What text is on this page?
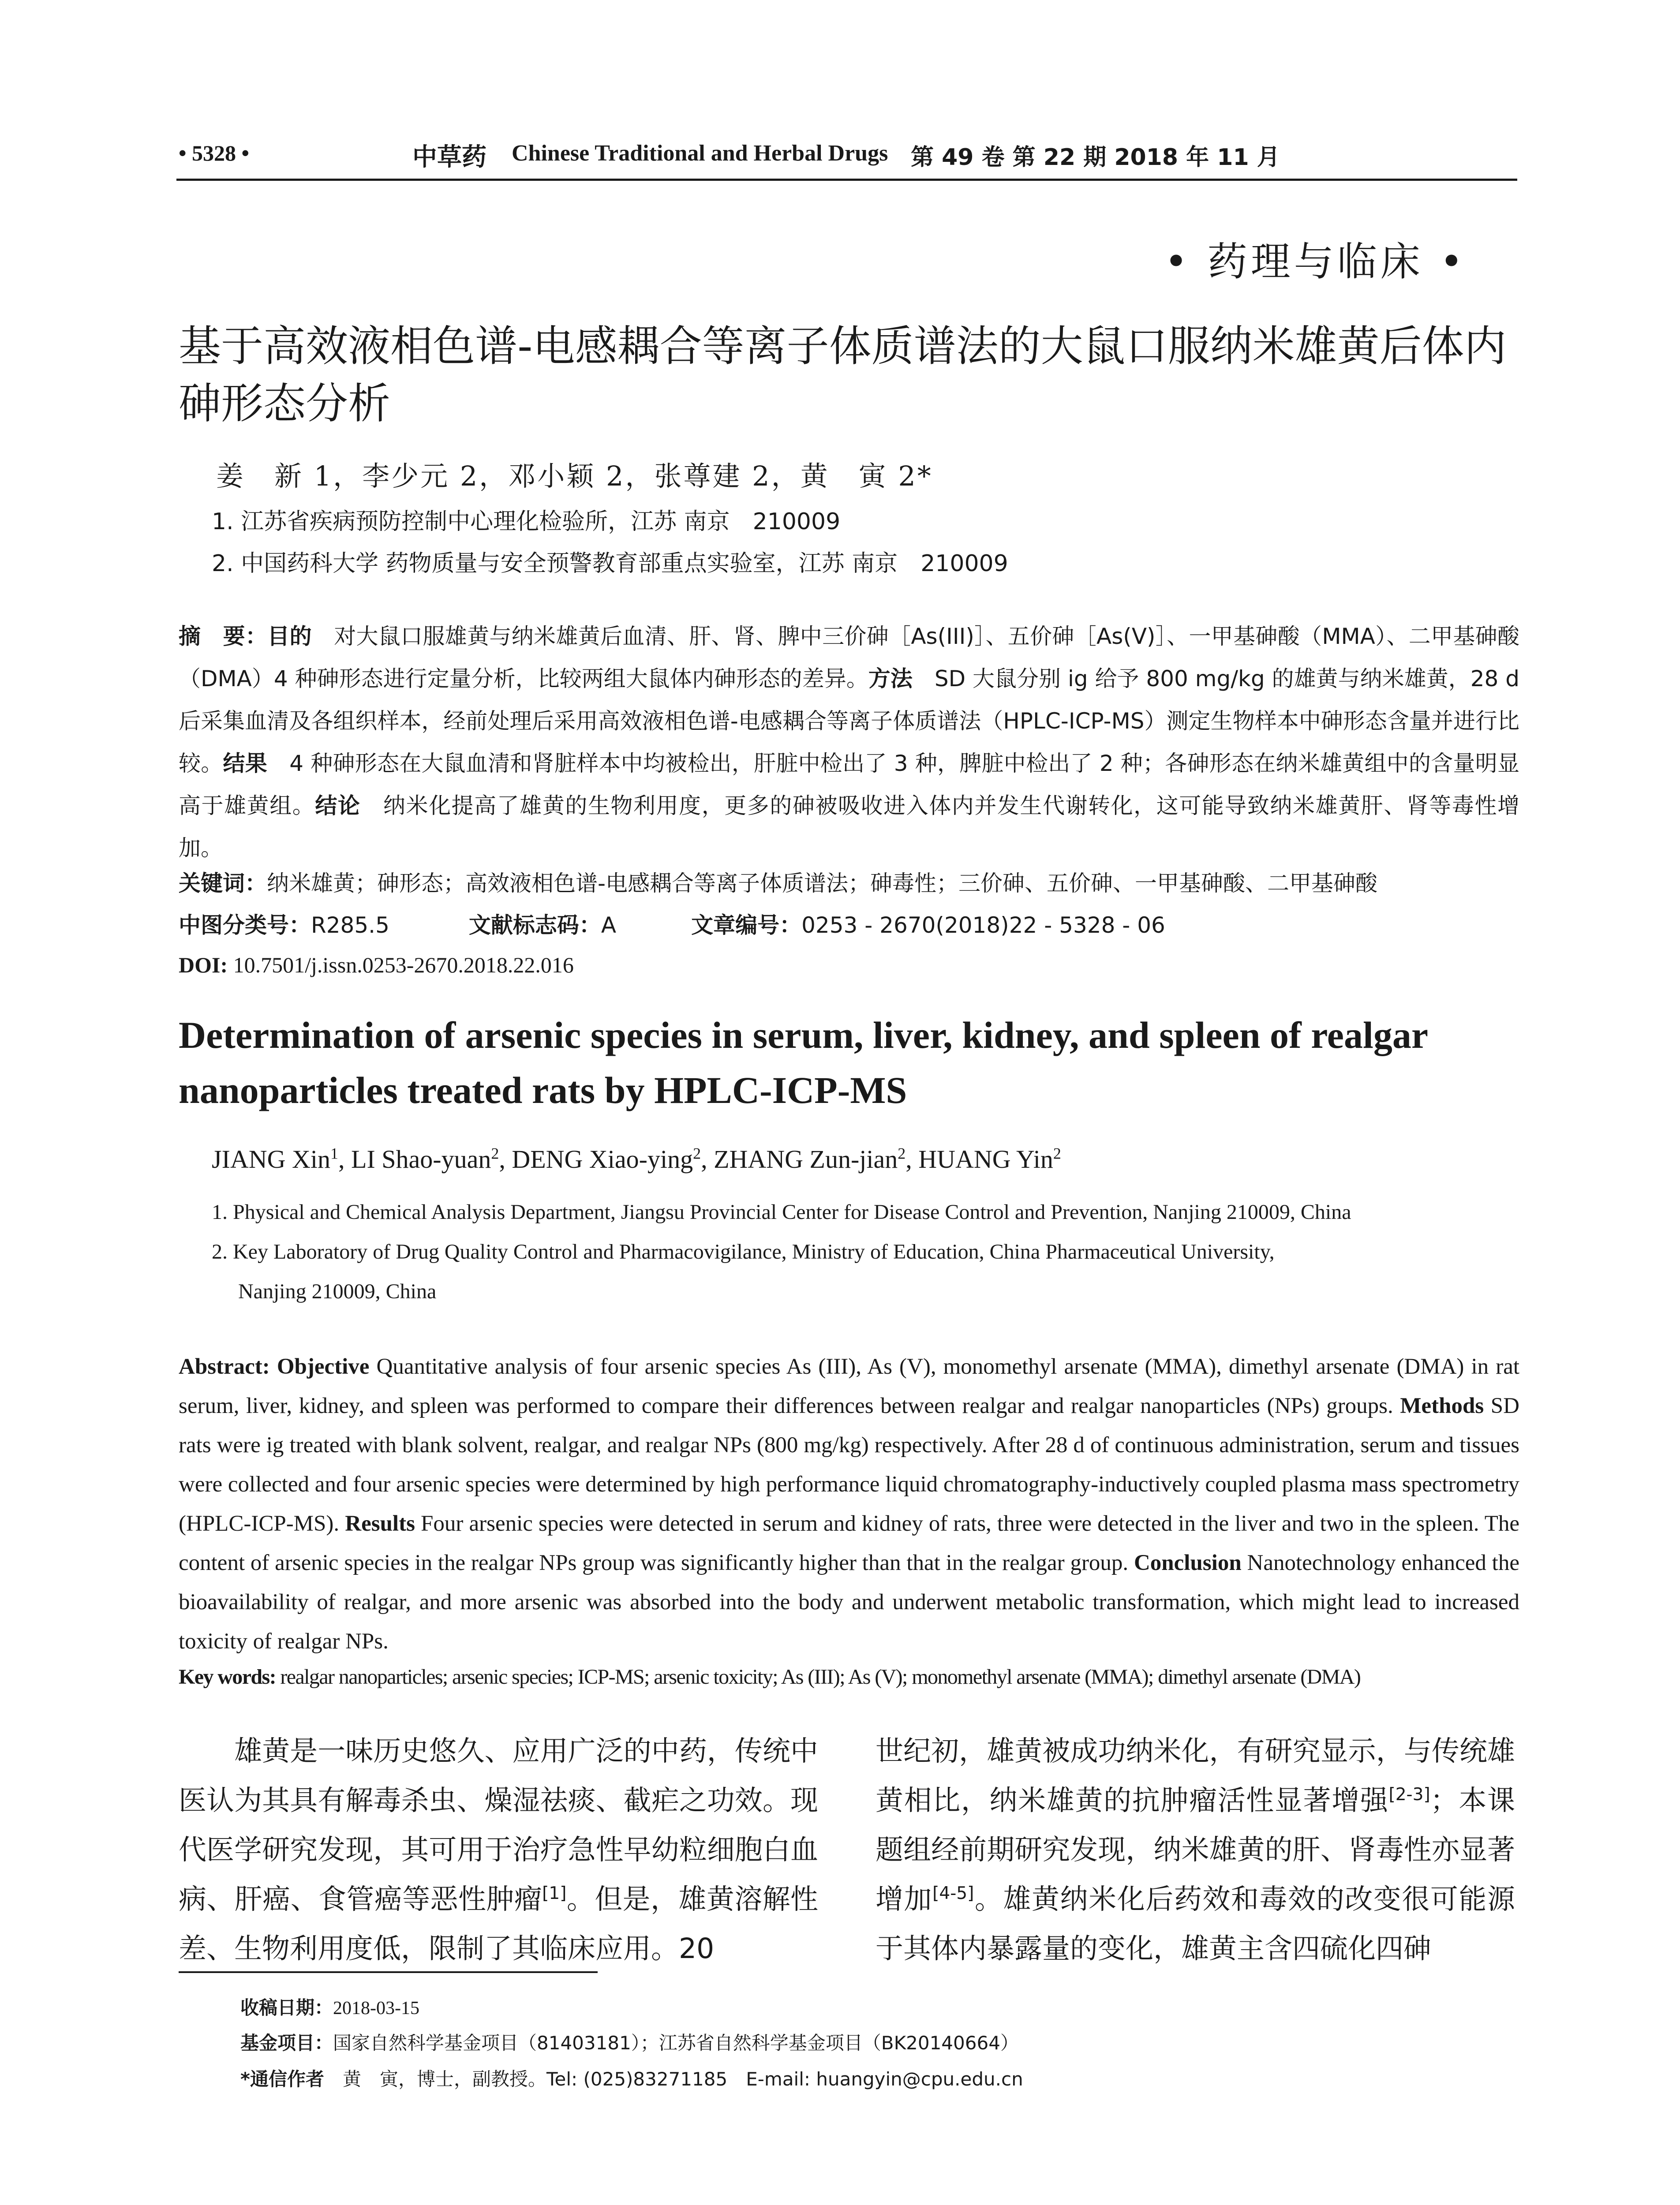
• 5328 •	中草药 Chinese Traditional and Herbal Drugs 第 49 卷 第 22 期 2018 年 11 月
• 药理与临床 •
基于高效液相色谱-电感耦合等离子体质谱法的大鼠口服纳米雄黄后体内砷形态分析
姜　新 1，李少元 2，邓小颖 2，张尊建 2，黄　寅 2*
1. 江苏省疾病预防控制中心理化检验所，江苏 南京　210009
2. 中国药科大学 药物质量与安全预警教育部重点实验室，江苏 南京　210009
摘　要：目的　对大鼠口服雄黄与纳米雄黄后血清、肝、肾、脾中三价砷［As(III)］、五价砷［As(V)］、一甲基砷酸（MMA）、二甲基砷酸（DMA）4 种砷形态进行定量分析，比较两组大鼠体内砷形态的差异。方法　SD 大鼠分别 ig 给予 800 mg/kg 的雄黄与纳米雄黄，28 d 后采集血清及各组织样本，经前处理后采用高效液相色谱-电感耦合等离子体质谱法（HPLC-ICP-MS）测定生物样本中砷形态含量并进行比较。结果　4 种砷形态在大鼠血清和肾脏样本中均被检出，肝脏中检出了 3 种，脾脏中检出了 2 种；各砷形态在纳米雄黄组中的含量明显高于雄黄组。结论　纳米化提高了雄黄的生物利用度，更多的砷被吸收进入体内并发生代谢转化，这可能导致纳米雄黄肝、肾等毒性增加。
关键词：纳米雄黄；砷形态；高效液相色谱-电感耦合等离子体质谱法；砷毒性；三价砷、五价砷、一甲基砷酸、二甲基砷酸
中图分类号：R285.5	文献标志码：A	文章编号：0253 - 2670(2018)22 - 5328 - 06
DOI: 10.7501/j.issn.0253-2670.2018.22.016
Determination of arsenic species in serum, liver, kidney, and spleen of realgar nanoparticles treated rats by HPLC-ICP-MS
JIANG Xin$^1$, LI Shao-yuan$^2$, DENG Xiao-ying$^2$, ZHANG Zun-jian$^2$, HUANG Yin$^2$
1. Physical and Chemical Analysis Department, Jiangsu Provincial Center for Disease Control and Prevention, Nanjing 210009, China
2. Key Laboratory of Drug Quality Control and Pharmacovigilance, Ministry of Education, China Pharmaceutical University,
Nanjing 210009, China
Abstract: Objective Quantitative analysis of four arsenic species As (III), As (V), monomethyl arsenate (MMA), dimethyl arsenate (DMA) in rat serum, liver, kidney, and spleen was performed to compare their differences between realgar and realgar nanoparticles (NPs) groups. Methods SD rats were ig treated with blank solvent, realgar, and realgar NPs (800 mg/kg) respectively. After 28 d of continuous administration, serum and tissues were collected and four arsenic species were determined by high performance liquid chromatography-inductively coupled plasma mass spectrometry (HPLC-ICP-MS). Results Four arsenic species were detected in serum and kidney of rats, three were detected in the liver and two in the spleen. The content of arsenic species in the realgar NPs group was significantly higher than that in the realgar group. Conclusion Nanotechnology enhanced the bioavailability of realgar, and more arsenic was absorbed into the body and underwent metabolic transformation, which might lead to increased toxicity of realgar NPs.
Key words: realgar nanoparticles; arsenic species; ICP-MS; arsenic toxicity; As (III); As (V); monomethyl arsenate (MMA); dimethyl arsenate (DMA)
　　雄黄是一味历史悠久、应用广泛的中药，传统中医认为其具有解毒杀虫、燥湿祛痰、截疟之功效。现代医学研究发现，其可用于治疗急性早幼粒细胞白血病、肝癌、食管癌等恶性肿瘤[1]。但是，雄黄溶解性差、生物利用度低，限制了其临床应用。20
世纪初，雄黄被成功纳米化，有研究显示，与传统雄黄相比，纳米雄黄的抗肿瘤活性显著增强[2-3]；本课题组经前期研究发现，纳米雄黄的肝、肾毒性亦显著增加[4-5]。雄黄纳米化后药效和毒效的改变很可能源于其体内暴露量的变化，雄黄主含四硫化四砷
收稿日期：2018-03-15
基金项目：国家自然科学基金项目（81403181）；江苏省自然科学基金项目（BK20140664）
*通信作者　黄　寅，博士，副教授。Tel: (025)83271185　E-mail: huangyin@cpu.edu.cn
